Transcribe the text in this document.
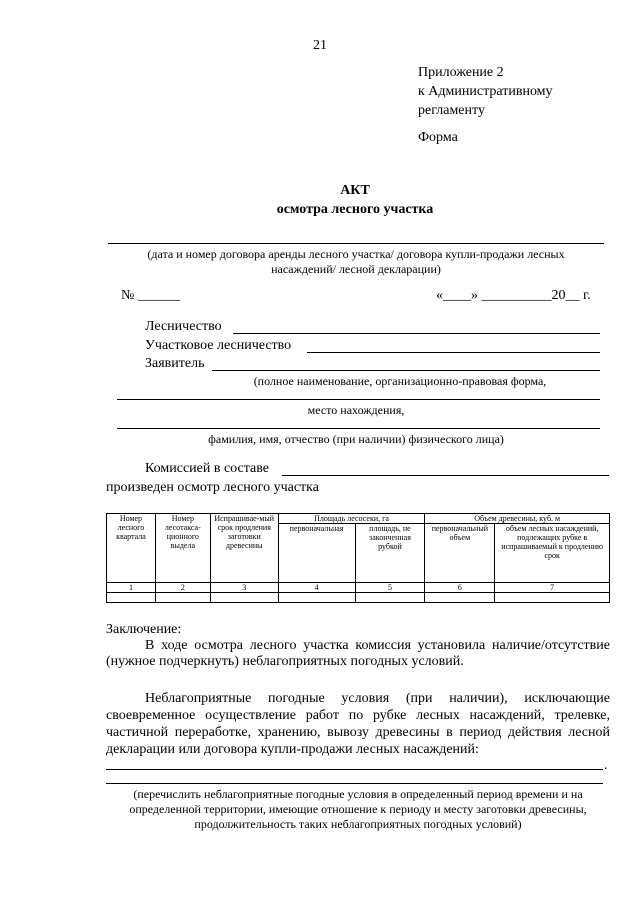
21
Приложение 2
к Административному
регламенту
Форма
АКТ
осмотра лесного участка
(дата и номер договора аренды лесного участка/ договора купли-продажи лесных
насаждений/ лесной декларации)
№ ______	«____» __________20__ г.
Лесничество
Участковое лесничество
Заявитель
(полное наименование, организационно-правовая форма,
место нахождения,
фамилия, имя, отчество (при наличии) физического лица)
Комиссией в составе
произведен осмотр лесного участка
Номер лесного квартала	Номер лесотакса-ционного выдела	Испрашивае-мый срок продления заготовки древесины	Площадь лесосеки, га		Объем древесины, куб. м	
			первоначальная	площадь, не законченная рубкой	первоначальный объем	объем лесных насаждений, подлежащих рубке в испрашиваемый к продлению срок
1	2	3	4	5	6	7

Заключение:
В ходе осмотра лесного участка комиссия установила наличие/отсутствие (нужное подчеркнуть) неблагоприятных погодных условий.
Неблагоприятные погодные условия (при наличии), исключающие своевременное осуществление работ по рубке лесных насаждений, трелевке, частичной переработке, хранению, вывозу древесины в период действия лесной декларации или договора купли-продажи лесных насаждений:
.
(перечислить неблагоприятные погодные условия в определенный период времени и на
определенной территории, имеющие отношение к периоду и месту заготовки древесины,
продолжительность таких неблагоприятных погодных условий)
